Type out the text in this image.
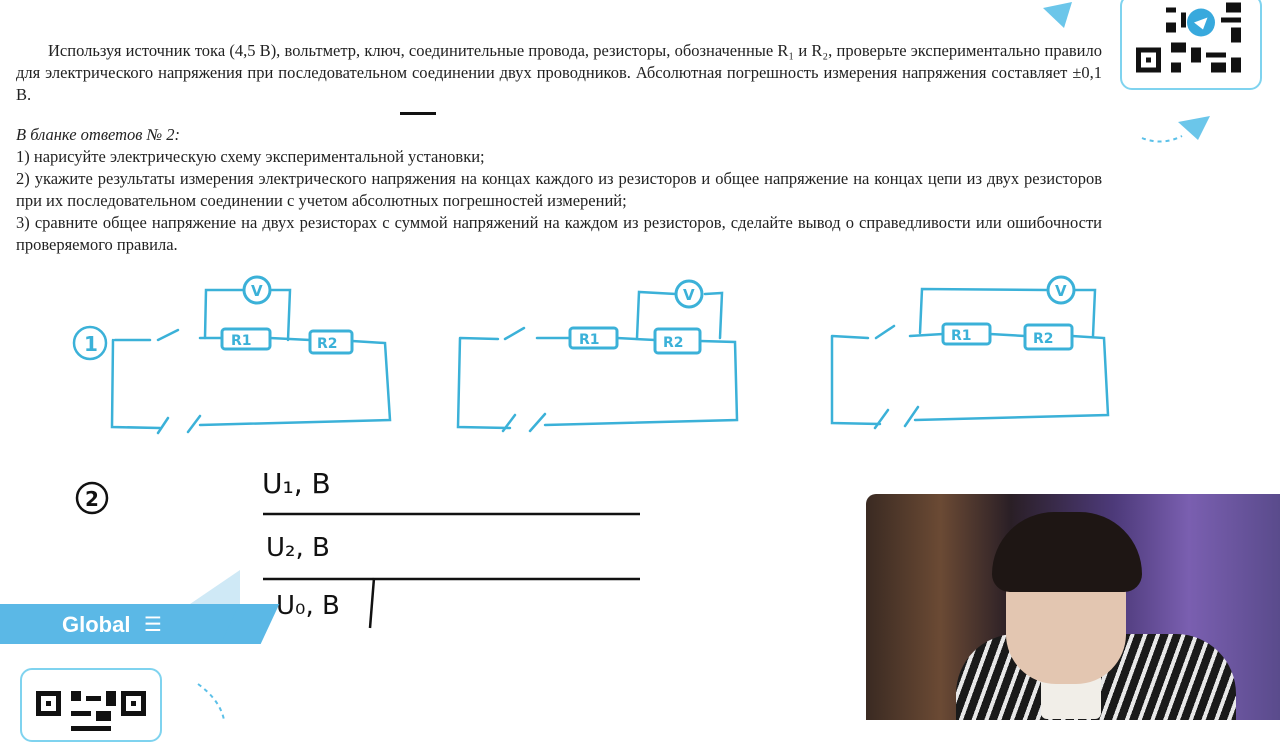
Используя источник тока (4,5 В), вольтметр, ключ, соединительные провода, резисторы, обозначенные R₁ и R₂, проверьте экспериментально правило для электрического напряжения при последовательном соединении двух проводников. Абсолютная погрешность измерения напряжения составляет ±0,1 В.

В бланке ответов № 2:

1) нарисуйте электрическую схему экспериментальной установки;

2) укажите результаты измерения электрического напряжения на концах каждого из резисторов и общее напряжение на концах цепи из двух резисторов при их последовательном соединении с учетом абсолютных погрешностей измерений;

3) сравните общее напряжение на двух резисторах с суммой напряжений на каждом из резисторов, сделайте вывод о справедливости или ошибочности проверяемого правила.

1
2
R1	R2
V
R1	R2
V
R1	R2
V
U₁, В
U₂, В
U₀, В
Global ☰
